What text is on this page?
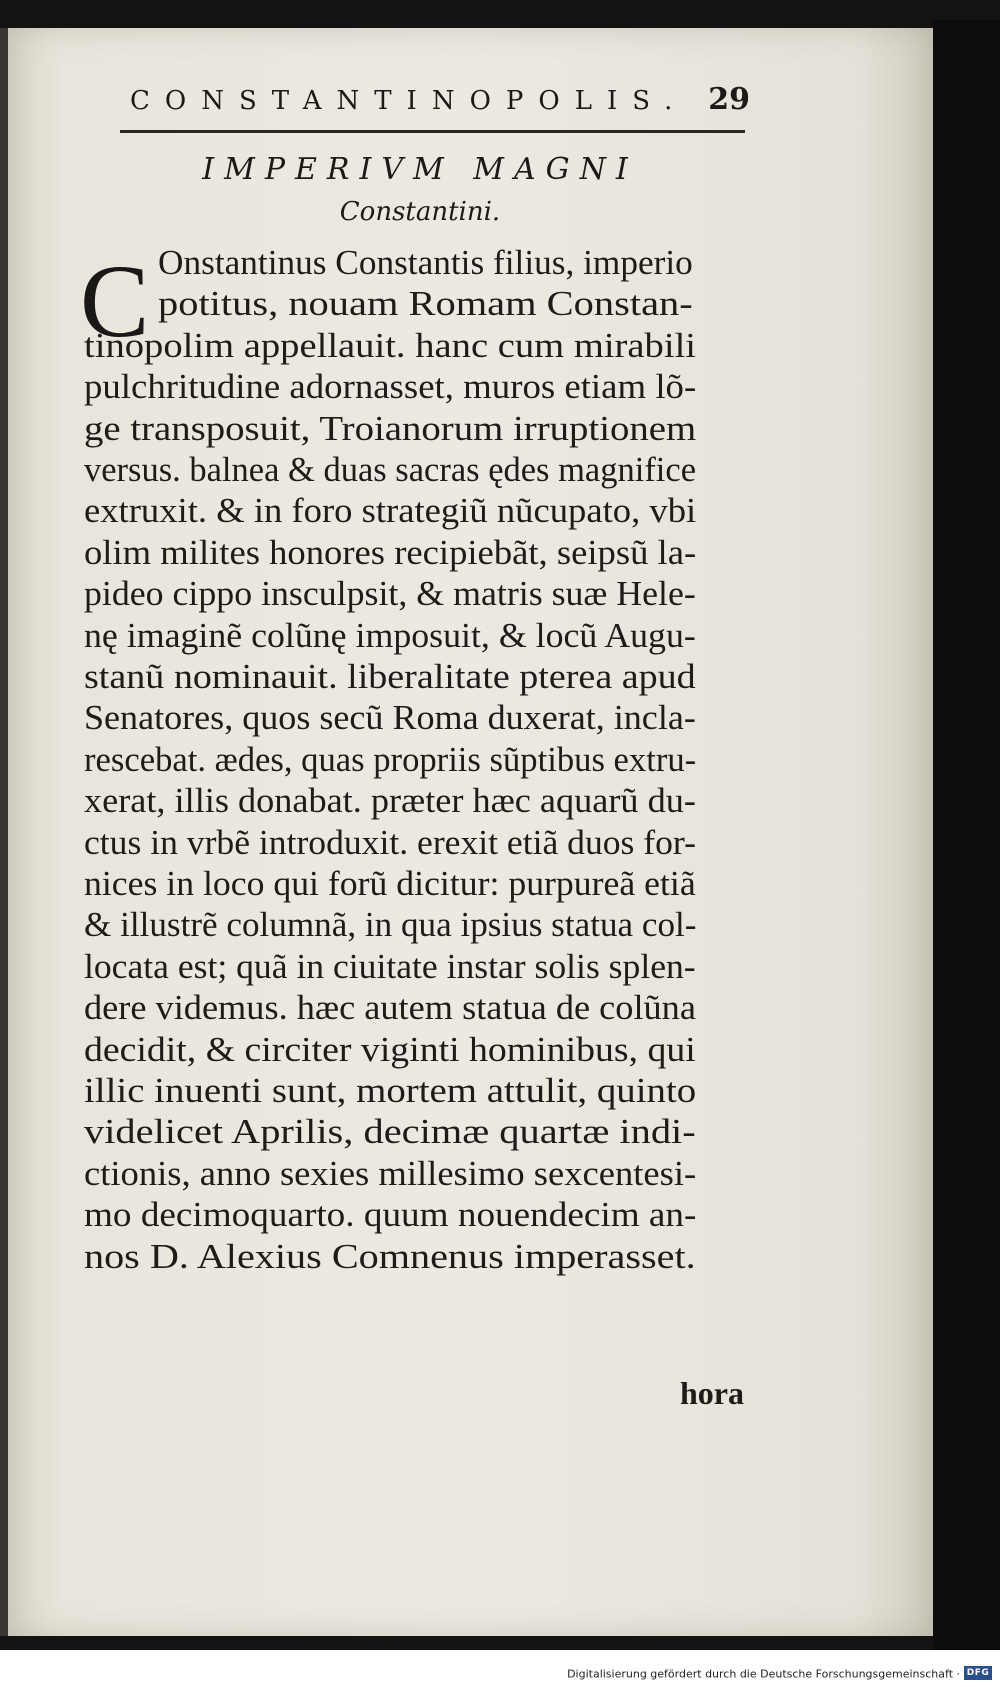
CONSTANTINOPOLIS. 29
IMPERIVM MAGNI
Constantini.
C Onstantinus Constantis filius, imperio
potitus, nouam Romam Constan-
tinopolim appellauit. hanc cum mirabili
pulchritudine adornasset, muros etiam lõ-
ge transposuit, Troianorum irruptionem
versus. balnea & duas sacras ędes magnifice
extruxit. & in foro strategiũ nũcupato, vbi
olim milites honores recipiebãt, seipsũ la-
pideo cippo insculpsit, & matris suæ Hele-
nę imaginẽ colũnę imposuit, & locũ Augu-
stanũ nominauit. liberalitate pterea apud
Senatores, quos secũ Roma duxerat, incla-
rescebat. ædes, quas propriis sũptibus extru-
xerat, illis donabat. præter hæc aquarũ du-
ctus in vrbẽ introduxit. erexit etiã duos for-
nices in loco qui forũ dicitur: purpureã etiã
& illustrẽ columnã, in qua ipsius statua col-
locata est; quã in ciuitate instar solis splen-
dere videmus. hæc autem statua de colũna
decidit, & circiter viginti hominibus, qui
illic inuenti sunt, mortem attulit, quinto
videlicet Aprilis, decimæ quartæ indi-
ctionis, anno sexies millesimo sexcentesi-
mo decimoquarto. quum nouendecim an-
nos D. Alexius Comnenus imperasset.
hora
Digitalisierung gefördert durch die Deutsche Forschungsgemeinschaft · DFG
